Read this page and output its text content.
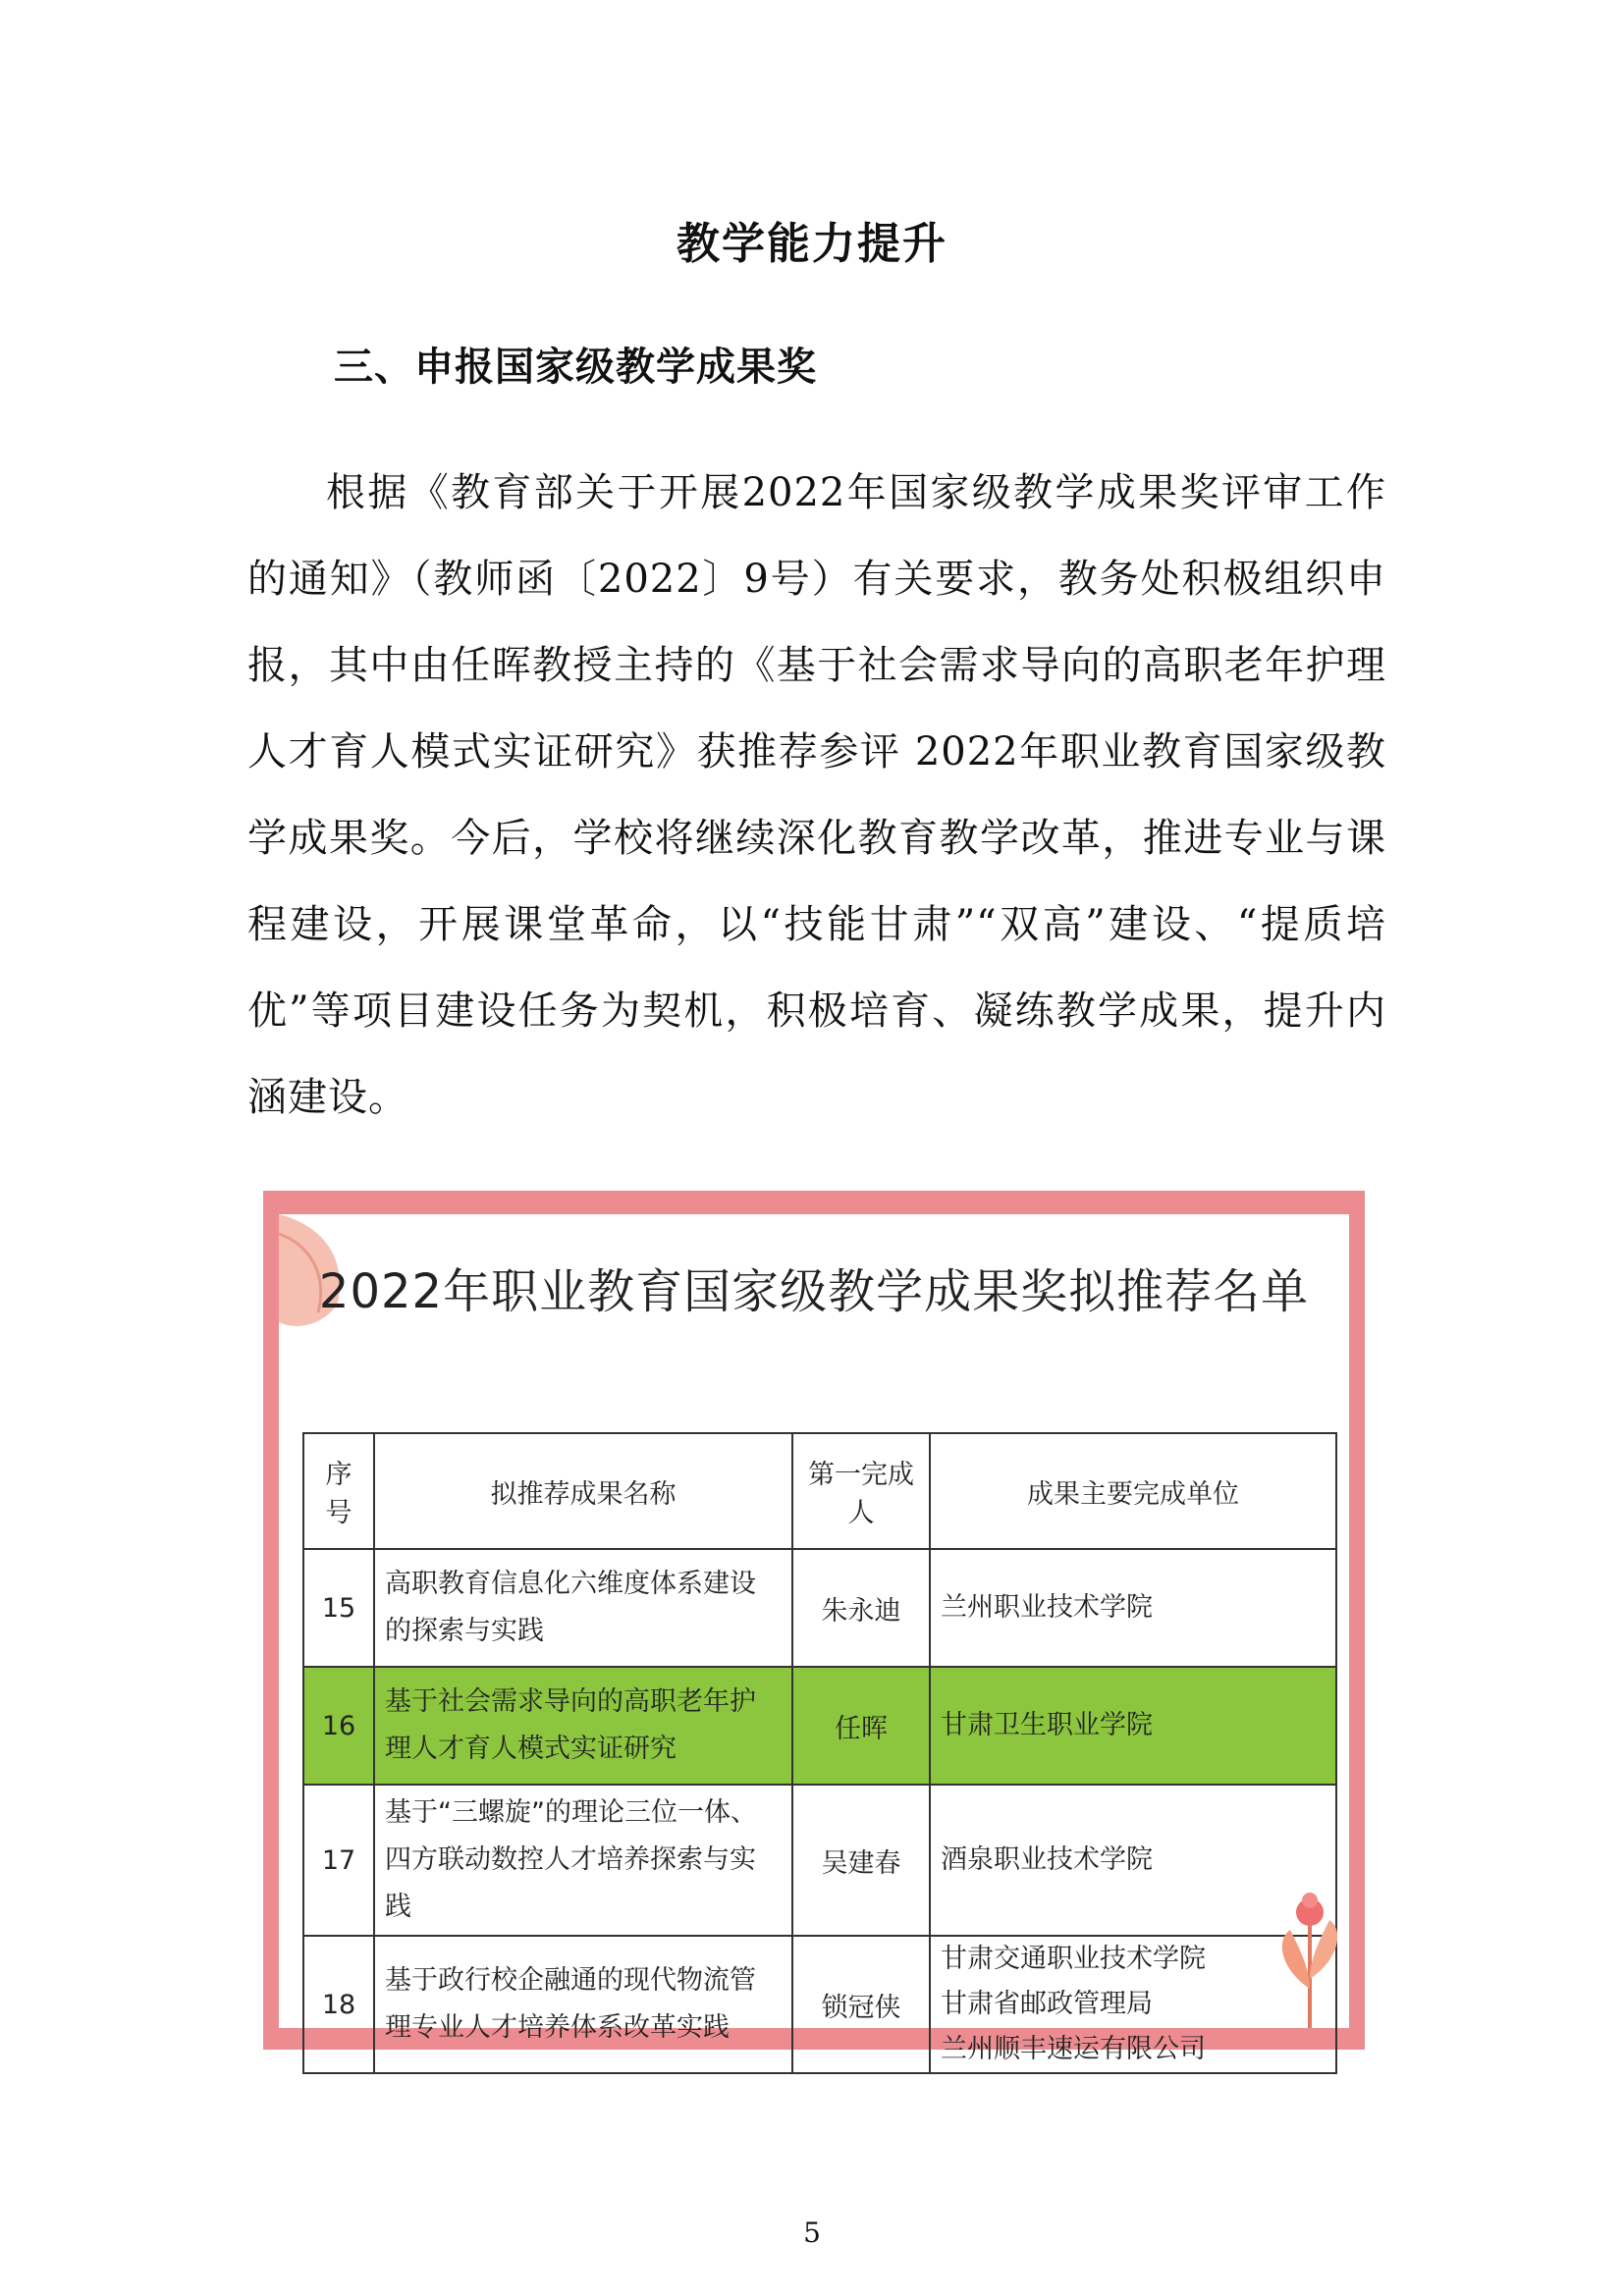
教学能力提升
三、申报国家级教学成果奖

根据《教育部关于开展2022年国家级教学成果奖评审工作的通知》（教师函〔2022〕9号）有关要求，教务处积极组织申报，其中由任晖教授主持的《基于社会需求导向的高职老年护理人才育人模式实证研究》获推荐参评 2022年职业教育国家级教学成果奖。今后，学校将继续深化教育教学改革，推进专业与课程建设，开展课堂革命，以“技能甘肃”“双高”建设、“提质培优”等项目建设任务为契机，积极培育、凝练教学成果，提升内涵建设。

2022年职业教育国家级教学成果奖拟推荐名单
序号	拟推荐成果名称	第一完成人	成果主要完成单位
15	高职教育信息化六维度体系建设的探索与实践	朱永迪	兰州职业技术学院

16	基于社会需求导向的高职老年护理人才育人模式实证研究	任晖	甘肃卫生职业学院

17	基于“三螺旋”的理论三位一体、四方联动数控人才培养探索与实践	吴建春	酒泉职业技术学院

18	基于政行校企融通的现代物流管理专业人才培养体系改革实践	锁冠侠	甘肃交通职业技术学院
甘肃省邮政管理局
兰州顺丰速运有限公司
5
